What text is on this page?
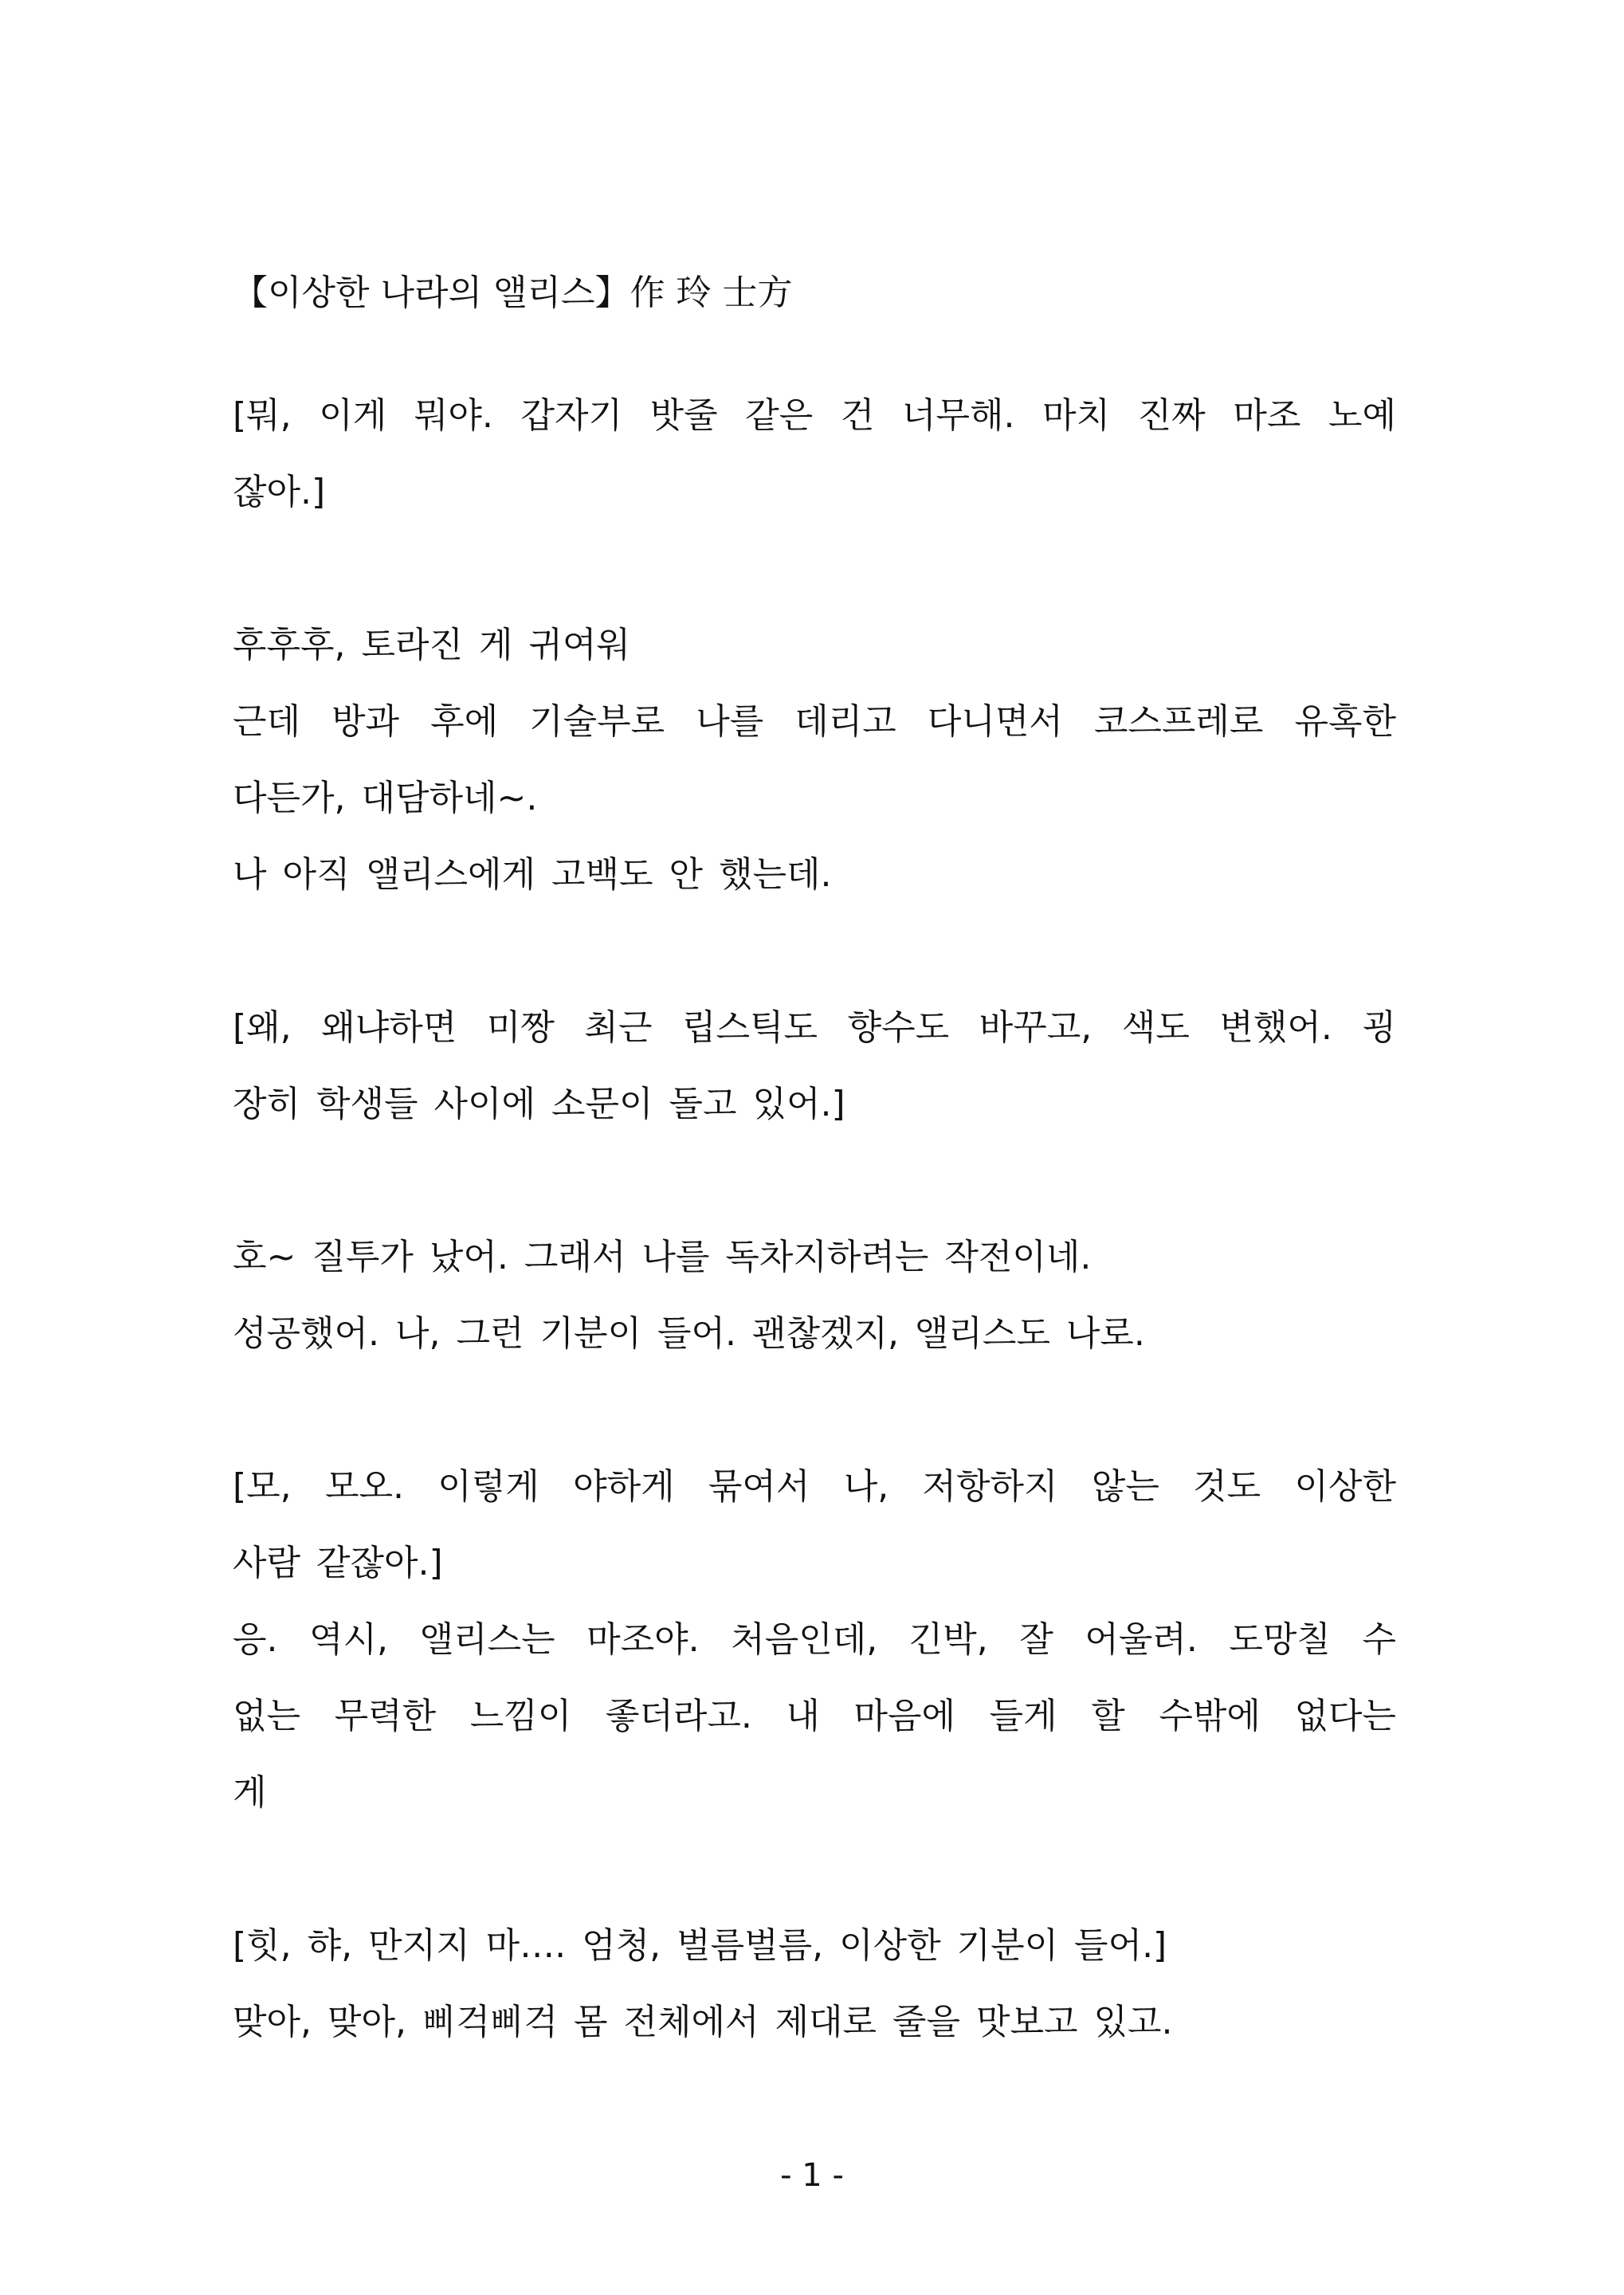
【이상한 나라의 앨리스】作 玲 士方

[뭐, 이게 뭐야. 갑자기 밧줄 같은 건 너무해. 마치 진짜 마조 노예

잖아.]

후후후, 토라진 게 귀여워

근데 방과 후에 기술부로 나를 데리고 다니면서 코스프레로 유혹한

다든가, 대담하네~.

나 아직 앨리스에게 고백도 안 했는데.

[왜, 왜냐하면 미짱 최근 립스틱도 향수도 바꾸고, 색도 변했어. 굉

장히 학생들 사이에 소문이 돌고 있어.]

호~ 질투가 났어. 그래서 나를 독차지하려는 작전이네.

성공했어. 나, 그런 기분이 들어. 괜찮겠지, 앨리스도 나로.

[모, 모오. 이렇게 야하게 묶여서 나, 저항하지 않는 것도 이상한

사람 같잖아.]

응. 역시, 앨리스는 마조야. 처음인데, 긴박, 잘 어울려. 도망칠 수

없는 무력한 느낌이 좋더라고. 내 마음에 들게 할 수밖에 없다는

게

[힛, 햐, 만지지 마…. 엄청, 벌름벌름, 이상한 기분이 들어.]

맞아, 맞아, 삐걱삐걱 몸 전체에서 제대로 줄을 맛보고 있고.

- 1 -
